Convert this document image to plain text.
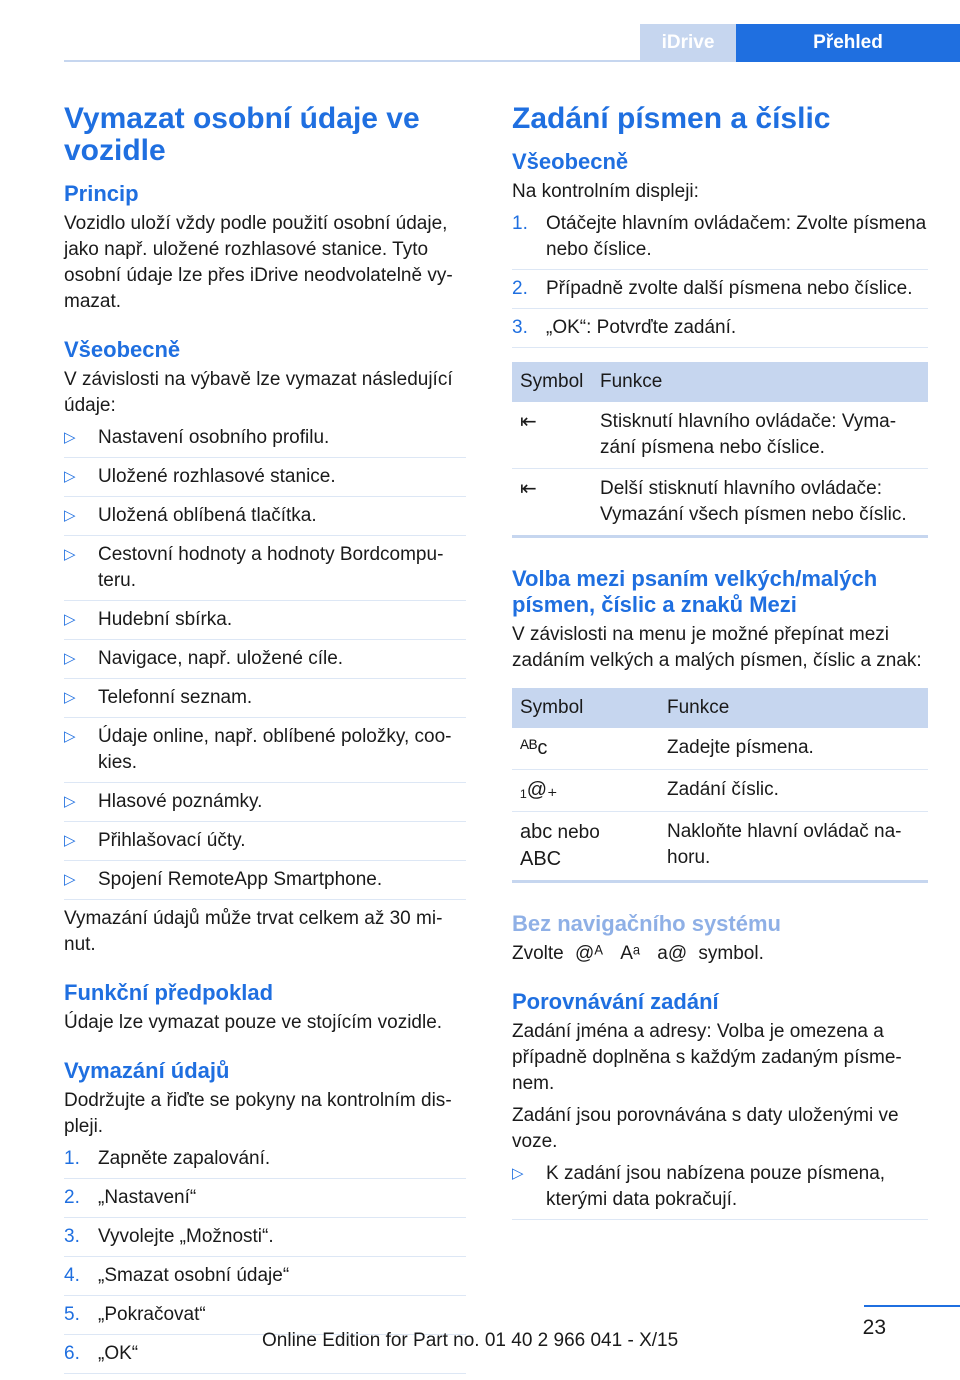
iDrive	Přehled
Vymazat osobní údaje ve vozidle
Princip

Vozidlo uloží vždy podle použití osobní údaje, jako např. uložené rozhlasové stanice. Tyto osobní údaje lze přes iDrive neodvolatelně vymazat.

Všeobecně

V závislosti na výbavě lze vymazat následující údaje:

▷ Nastavení osobního profilu.
▷ Uložené rozhlasové stanice.
▷ Uložená oblíbená tlačítka.
▷ Cestovní hodnoty a hodnoty Bordcomputeru.
▷ Hudební sbírka.
▷ Navigace, např. uložené cíle.
▷ Telefonní seznam.
▷ Údaje online, např. oblíbené položky, cookies.
▷ Hlasové poznámky.
▷ Přihlašovací účty.
▷ Spojení RemoteApp Smartphone.

Vymazání údajů může trvat celkem až 30 minut.

Funkční předpoklad

Údaje lze vymazat pouze ve stojícím vozidle.

Vymazání údajů

Dodržujte a řiďte se pokyny na kontrolním displeji.

1. Zapněte zapalování.
2. „Nastavení“
3. Vyvolejte „Možnosti“.
4. „Smazat osobní údaje“
5. „Pokračovat“
6. „OK“
Zadání písmen a číslic
Všeobecně

Na kontrolním displeji:

1. Otáčejte hlavním ovládačem: Zvolte písmena nebo číslice.
2. Případně zvolte další písmena nebo číslice.
3. „OK“: Potvrďte zadání.
Symbol	Funkce
⇤	Stisknutí hlavního ovládače: Vymazání písmena nebo číslice.
⇤	Delší stisknutí hlavního ovládače: Vymazání všech písmen nebo číslic.
Volba mezi psaním velkých/malých písmen, číslic a znaků Mezi

V závislosti na menu je možné přepínat mezi zadáním velkých a malých písmen, číslic a znak:

Symbol	Funkce
ᴬᴮᴄ	Zadejte písmena.
₁@₊	Zadání číslic.
abc nebo
ABC	Nakloňte hlavní ovládač nahoru.
Bez navigačního systému

Zvolte @ᴬ Aᵃ a@ symbol.

Porovnávání zadání

Zadání jména a adresy: Volba je omezena a případně doplněna s každým zadaným písmenem.

Zadání jsou porovnávána s daty uloženými ve voze.

▷ K zadání jsou nabízena pouze písmena, kterými data pokračují.
23
Online Edition for Part no. 01 40 2 966 041 - X/15
